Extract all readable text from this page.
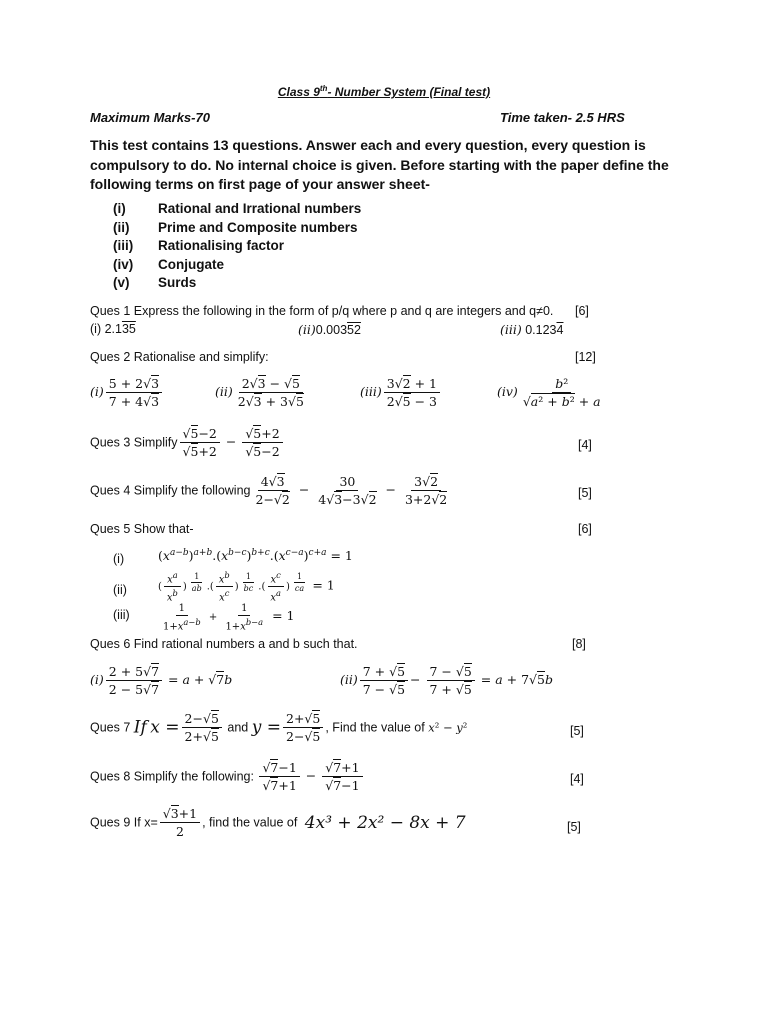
Class 9th- Number System (Final test)
Maximum Marks-70	Time taken- 2.5 HRS
This test contains 13 questions. Answer each and every question, every question is compulsory to do. No internal choice is given. Before starting with the paper define the following terms on first page of your answer sheet-
(i)	Rational and Irrational numbers
(ii)	Prime and Composite numbers
(iii)	Rationalising factor
(iv)	Conjugate
(v)	Surds
Ques 1 Express the following in the form of p/q where p and q are integers and q≠0. [6]
(i) 2.135	(ii)0.00352	(iii) 0.1234
Ques 2 Rationalise and simplify:	[12]
$(i) \frac{5 + 2√3}{7 + 4√3}$	$(ii) \frac{2√3 - √5}{2√3 + 3√5}$	$(iii) \frac{3√2 + 1}{2√5 - 3}$	$(iv) \frac{\text{b²}}{\text{√a² + b² + a}}$
Ques 3 Simplify $\frac{√5-2}{√5+2} - \frac{√5+2}{√5-2}$	[4]
Ques 4 Simplify the following $\frac{4√3}{2-√2} - \frac{30}{4√3-3√2} - \frac{3√2}{3+2√2}$	[5]
Ques 5 Show that-	[6]
(i)	$(x^{a-b})^{a+b}.(x^{b-c})^{b+c}.(x^{c-a})^{c+a} = 1$
(ii)	( $\frac{x^a}{x^b}$ ) $^{\frac{1}{ab}}$ .( $\frac{x^b}{x^c}$ ) $^{\frac{1}{bc}}$ .( $\frac{x^c}{x^a}$ ) $^{\frac{1}{ca}}$ = 1
(iii)	$\frac{1}{1+x^{a-b}} + \frac{1}{1+x^{b-a}} = 1$
Ques 6 Find rational numbers a and b such that.	[8]
$(i) \frac{2 + 5√7}{2 - 5√7} = a + √7b$	$(ii) \frac{7 + √5}{7 - √5} - \frac{7 - √5}{7 + √5} = a + 7√5b$
Ques 7 If $x = \frac{2-√5}{2+√5}$ and $y = \frac{2+√5}{2-√5}$ , Find the value of x² − y²	[5]
Ques 8 Simplify the following: $\frac{√7-1}{√7+1} - \frac{√7+1}{√7-1}$	[4]
Ques 9 If $x= \frac{√3+1}{2}$ , find the value of 4x³ + 2x² − 8x + 7	[5]
